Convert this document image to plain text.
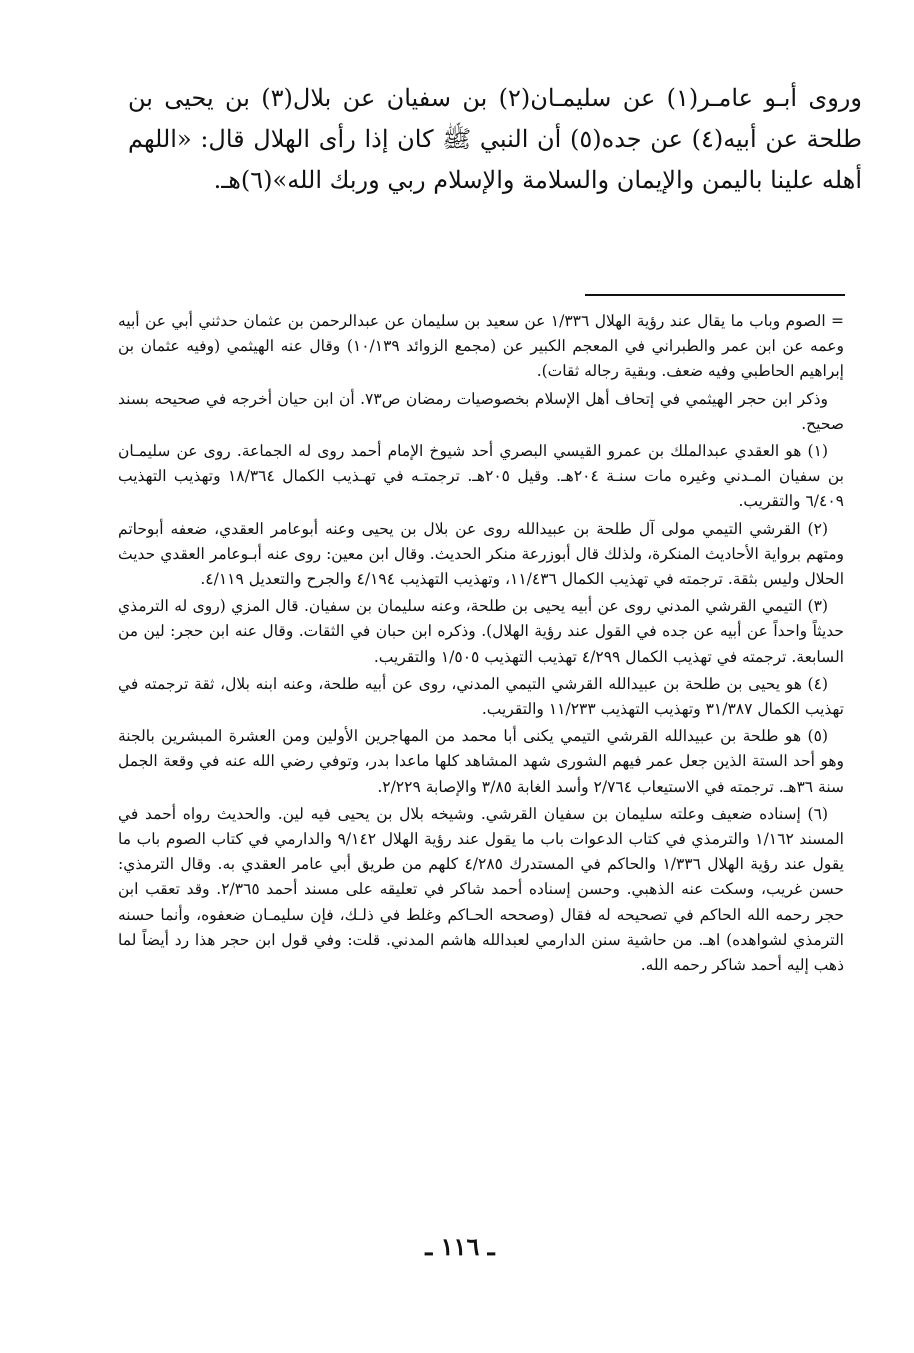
وروى أبـو عامـر(١) عن سليمـان(٢) بن سفيان عن بلال(٣) بن يحيى بن طلحة عن أبيه(٤) عن جده(٥) أن النبي ﷺ كان إذا رأى الهلال قال: «اللهم أهله علينا باليمن والإيمان والسلامة والإسلام ربي وربك الله»(٦)هـ.

= الصوم وباب ما يقال عند رؤية الهلال ١/٣٣٦ عن سعيد بن سليمان عن عبدالرحمن بن عثمان حدثني أبي عن أبيه وعمه عن ابن عمر والطبراني في المعجم الكبير عن (مجمع الزوائد ١٠/١٣٩) وقال عنه الهيثمي (وفيه عثمان بن إبراهيم الحاطبي وفيه ضعف. وبقية رجاله ثقات).

وذكر ابن حجر الهيثمي في إتحاف أهل الإسلام بخصوصيات رمضان ص٧٣. أن ابن حيان أخرجه في صحيحه بسند صحيح.

(١) هو العقدي عبدالملك بن عمرو القيسي البصري أحد شيوخ الإمام أحمد روى له الجماعة. روى عن سليمـان بن سفيان المـدني وغيره مات سنـة ٢٠٤هـ. وقيل ٢٠٥هـ. ترجمتـه في تهـذيب الكمال ١٨/٣٦٤ وتهذيب التهذيب ٦/٤٠٩ والتقريب.

(٢) القرشي التيمي مولى آل طلحة بن عبيدالله روى عن بلال بن يحيى وعنه أبوعامر العقدي، ضعفه أبوحاتم ومتهم برواية الأحاديث المنكرة، ولذلك قال أبوزرعة منكر الحديث. وقال ابن معين: روى عنه أبـوعامر العقدي حديث الحلال وليس بثقة. ترجمته في تهذيب الكمال ١١/٤٣٦، وتهذيب التهذيب ٤/١٩٤ والجرح والتعديل ٤/١١٩.

(٣) التيمي القرشي المدني روى عن أبيه يحيى بن طلحة، وعنه سليمان بن سفيان. قال المزي (روى له الترمذي حديثاً واحداً عن أبيه عن جده في القول عند رؤية الهلال). وذكره ابن حبان في الثقات. وقال عنه ابن حجر: لين من السابعة. ترجمته في تهذيب الكمال ٤/٢٩٩ تهذيب التهذيب ١/٥٠٥ والتقريب.

(٤) هو يحيى بن طلحة بن عبيدالله القرشي التيمي المدني، روى عن أبيه طلحة، وعنه ابنه بلال، ثقة ترجمته في تهذيب الكمال ٣١/٣٨٧ وتهذيب التهذيب ١١/٢٣٣ والتقريب.

(٥) هو طلحة بن عبيدالله القرشي التيمي يكنى أبا محمد من المهاجرين الأولين ومن العشرة المبشرين بالجنة وهو أحد الستة الذين جعل عمر فيهم الشورى شهد المشاهد كلها ماعدا بدر، وتوفي رضي الله عنه في وقعة الجمل سنة ٣٦هـ. ترجمته في الاستيعاب ٢/٧٦٤ وأسد الغابة ٣/٨٥ والإصابة ٢/٢٢٩.

(٦) إسناده ضعيف وعلته سليمان بن سفيان القرشي. وشيخه بلال بن يحيى فيه لين. والحديث رواه أحمد في المسند ١/١٦٢ والترمذي في كتاب الدعوات باب ما يقول عند رؤية الهلال ٩/١٤٢ والدارمي في كتاب الصوم باب ما يقول عند رؤية الهلال ١/٣٣٦ والحاكم في المستدرك ٤/٢٨٥ كلهم من طريق أبي عامر العقدي به. وقال الترمذي: حسن غريب، وسكت عنه الذهبي. وحسن إسناده أحمد شاكر في تعليقه على مسند أحمد ٢/٣٦٥. وقد تعقب ابن حجر رحمه الله الحاكم في تصحيحه له فقال (وصححه الحـاكم وغلط في ذلـك، فإن سليمـان ضعفوه، وأنما حسنه الترمذي لشواهده) اهـ. من حاشية سنن الدارمي لعبدالله هاشم المدني. قلت: وفي قول ابن حجر هذا رد أيضاً لما ذهب إليه أحمد شاكر رحمه الله.

ـ ١١٦ ـ
